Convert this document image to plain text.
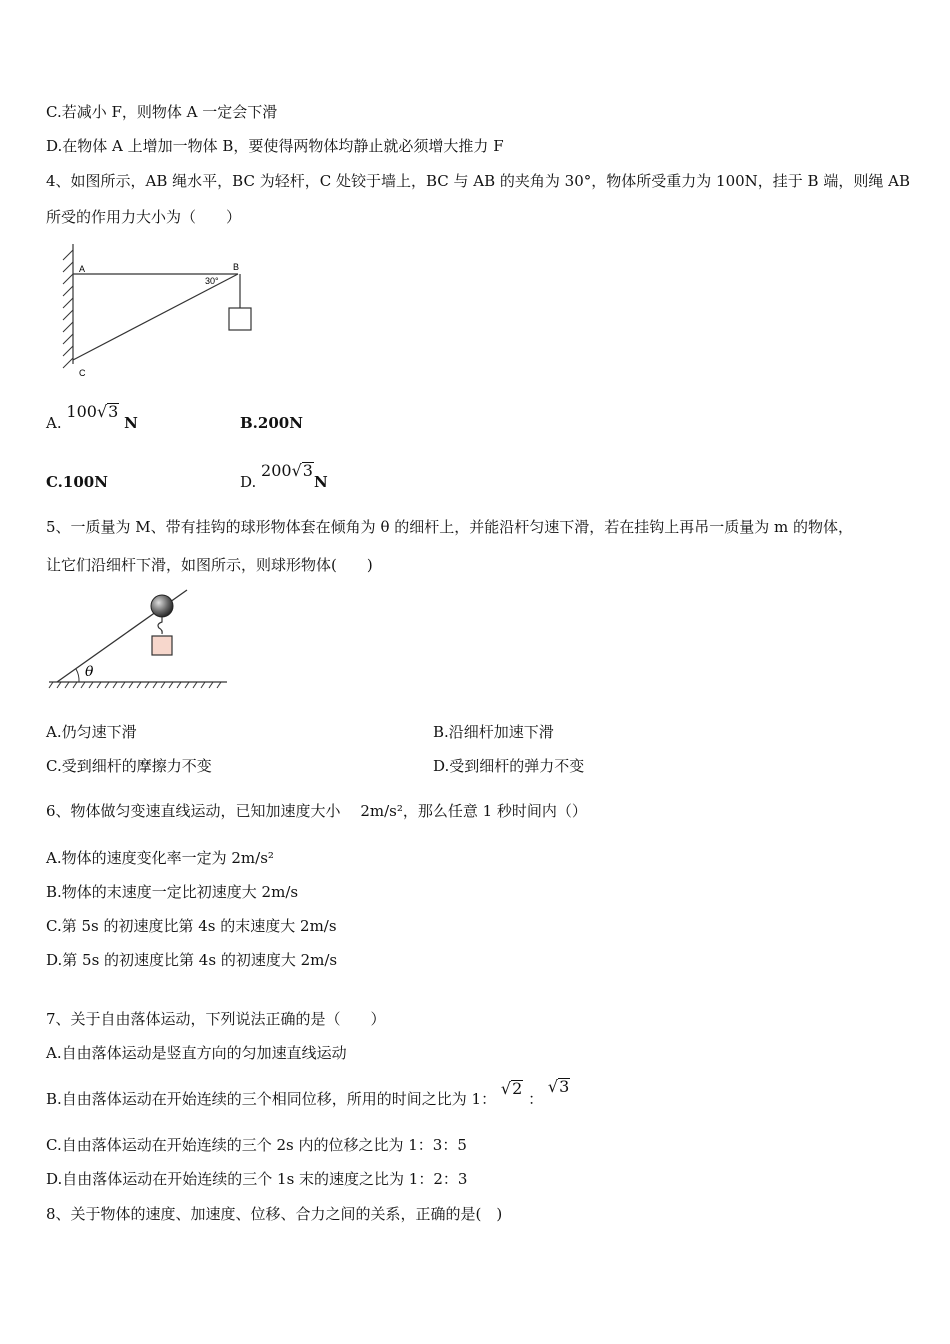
C.若减小 F，则物体 A 一定会下滑
D.在物体 A 上增加一物体 B，要使得两物体均静止就必须增大推力 F
4、如图所示，AB 绳水平，BC 为轻杆，C 处铰于墙上，BC 与 AB 的夹角为 30°，物体所受重力为 100N，挂于 B 端，则绳 AB
所受的作用力大小为（　　）
A	B
30°
C
A. 100√3 N	B.200N
C.100N	D. 200√3N
5、一质量为 M、带有挂钩的球形物体套在倾角为 θ 的细杆上，并能沿杆匀速下滑，若在挂钩上再吊一质量为 m 的物体，
让它们沿细杆下滑，如图所示，则球形物体(　　)
θ
A.仍匀速下滑	B.沿细杆加速下滑
C.受到细杆的摩擦力不变	D.受到细杆的弹力不变
6、物体做匀变速直线运动，已知加速度大小　 2m/s²，那么任意 1 秒时间内（）
A.物体的速度变化率一定为 2m/s²
B.物体的末速度一定比初速度大 2m/s
C.第 5s 的初速度比第 4s 的末速度大 2m/s
D.第 5s 的初速度比第 4s 的初速度大 2m/s
7、关于自由落体运动，下列说法正确的是（　　）
A.自由落体运动是竖直方向的匀加速直线运动
B.自由落体运动在开始连续的三个相同位移，所用的时间之比为 1： √2 ： √3
C.自由落体运动在开始连续的三个 2s 内的位移之比为 1：3：5
D.自由落体运动在开始连续的三个 1s 末的速度之比为 1：2：3
8、关于物体的速度、加速度、位移、合力之间的关系，正确的是(　)
